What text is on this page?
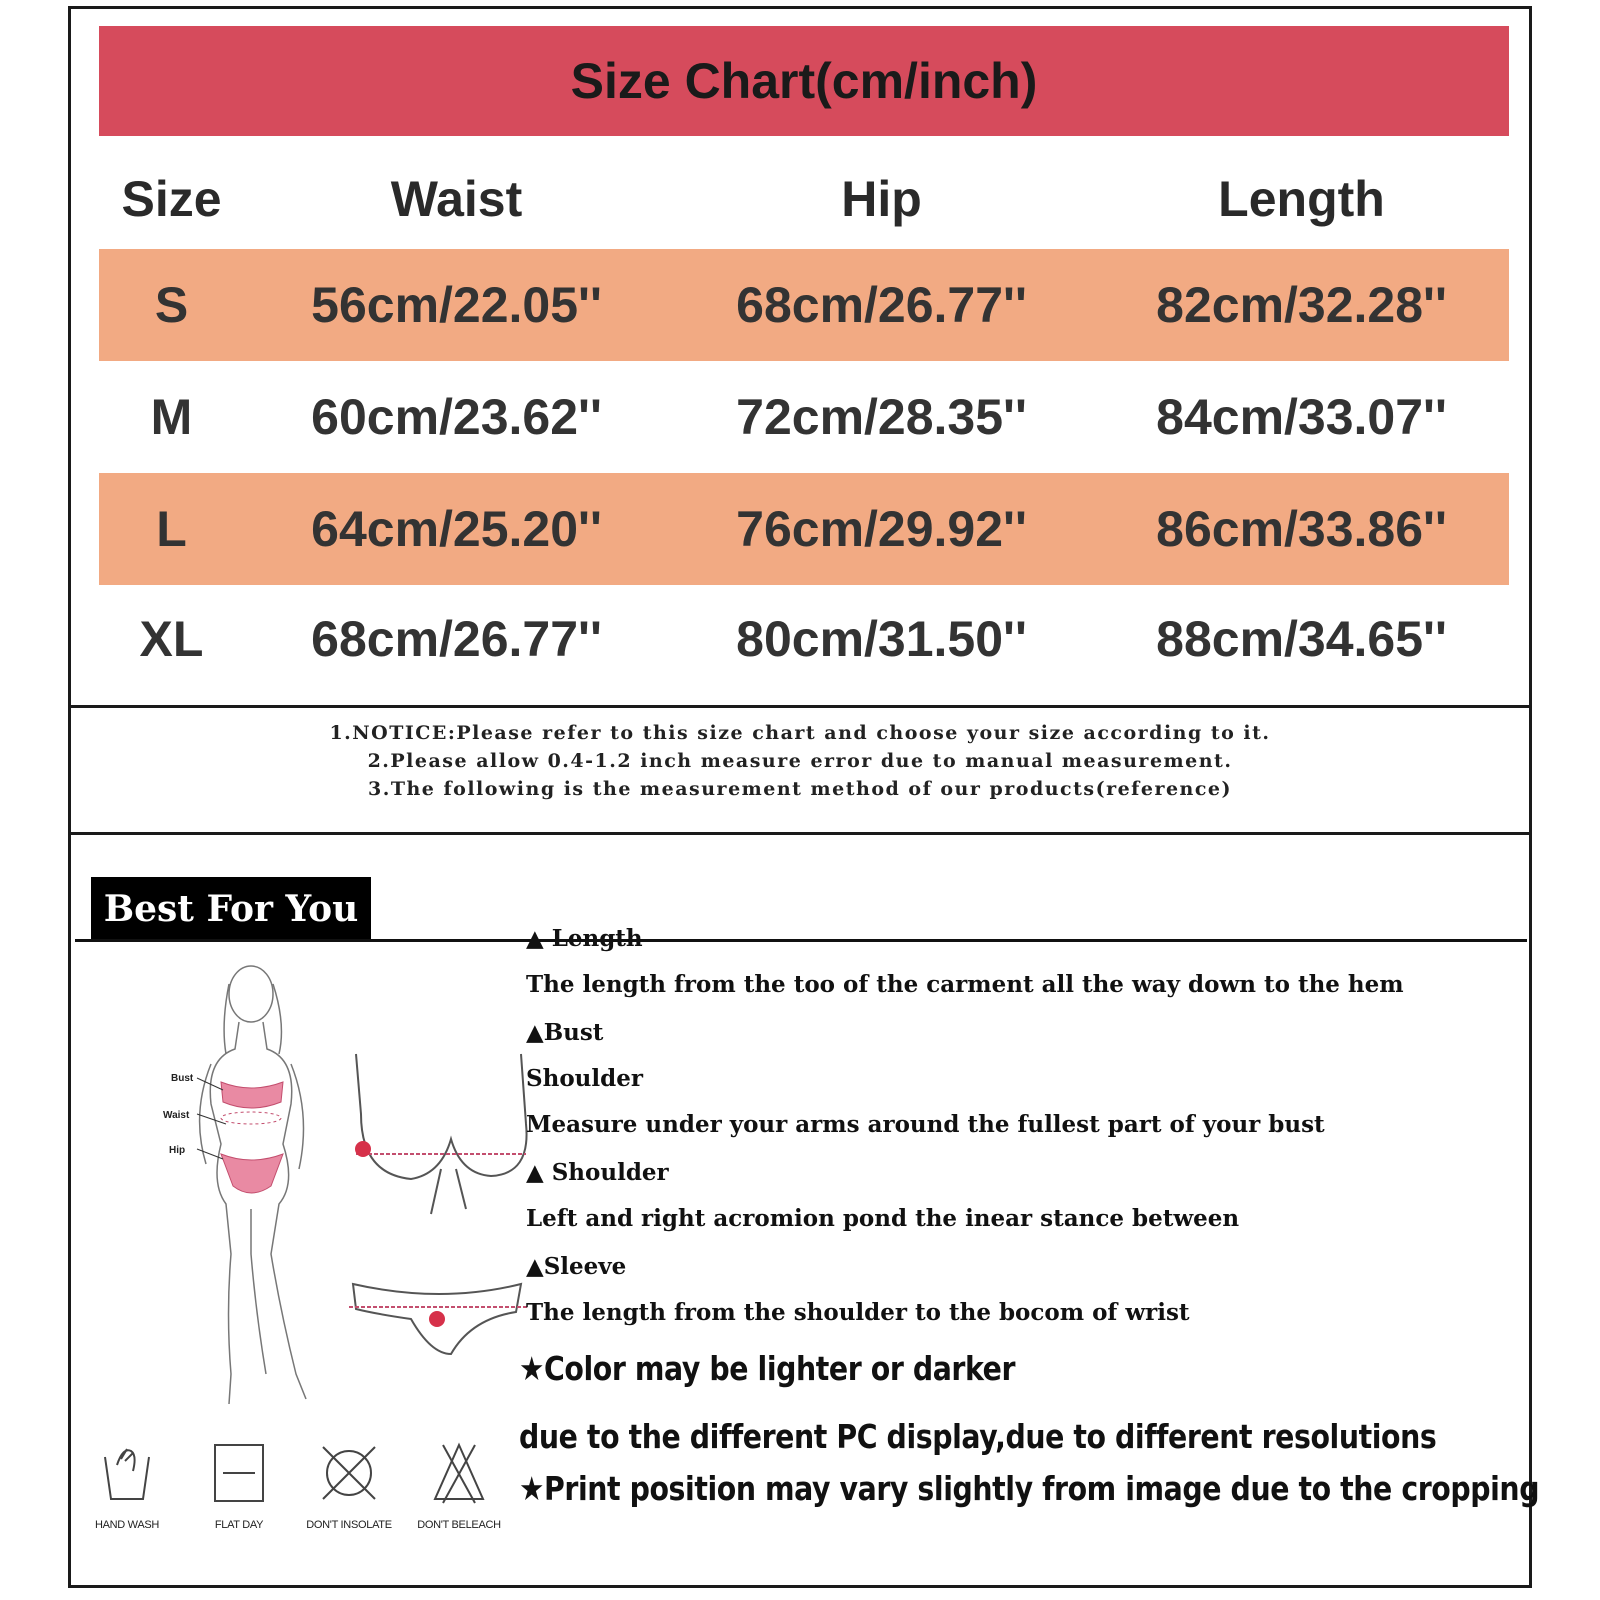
Size Chart(cm/inch)
Size	Waist	Hip	Length
S	56cm/22.05''	68cm/26.77''	82cm/32.28''
M	60cm/23.62''	72cm/28.35''	84cm/33.07''
L	64cm/25.20''	76cm/29.92''	86cm/33.86''
XL	68cm/26.77''	80cm/31.50''	88cm/34.65''
1.NOTICE:Please refer to this size chart and choose your size according to it.
2.Please allow 0.4-1.2 inch measure error due to manual measurement.
3.The following is the measurement method of our products(reference)
Best For You
Bust
Waist
Hip
▲ Length
The length from the too of the carment all the way down to the hem
▲Bust
Shoulder
Measure under your arms around the fullest part of your bust
▲ Shoulder
Left and right acromion pond the inear stance between
▲Sleeve
The length from the shoulder to the bocom of wrist
★Color may be lighter or darker
due to the different PC display,due to different resolutions
★Print position may vary slightly from image due to the cropping
HAND WASH	FLAT DAY	DON'T INSOLATE	DON'T BELEACH
